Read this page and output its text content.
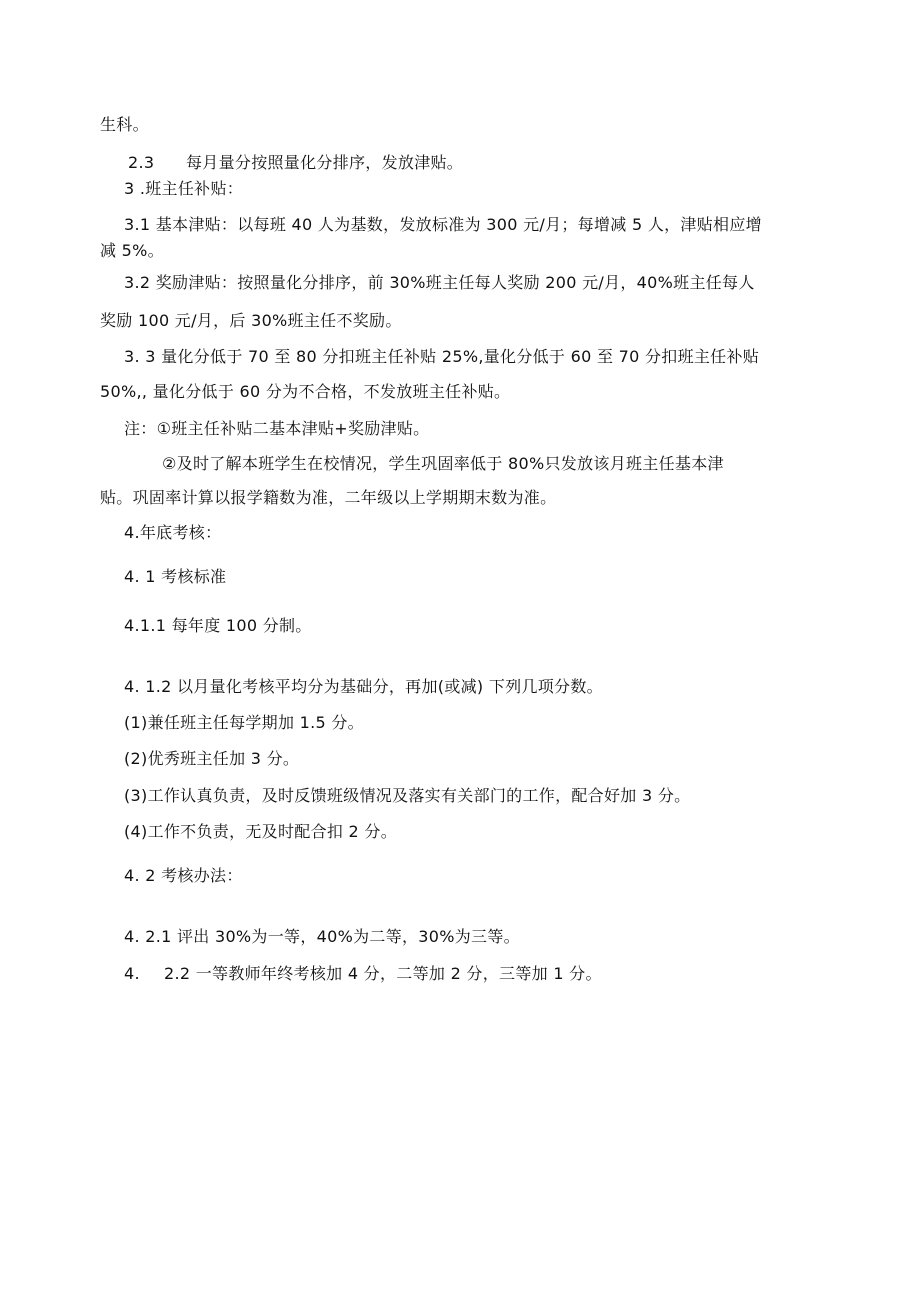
生科。
2.3 每月量分按照量化分排序，发放津贴。
3 .班主任补贴：
3.1 基本津贴：以每班 40 人为基数，发放标准为 300 元/月；每增减 5 人，津贴相应增
减 5%。
3.2 奖励津贴：按照量化分排序，前 30%班主任每人奖励 200 元/月，40%班主任每人
奖励 100 元/月，后 30%班主任不奖励。
3. 3 量化分低于 70 至 80 分扣班主任补贴 25%,量化分低于 60 至 70 分扣班主任补贴
50%,, 量化分低于 60 分为不合格，不发放班主任补贴。
注：①班主任补贴二基本津贴+奖励津贴。
②及时了解本班学生在校情况，学生巩固率低于 80%只发放该月班主任基本津
贴。巩固率计算以报学籍数为准，二年级以上学期期末数为准。
4.年底考核：
4. 1 考核标准
4.1.1 每年度 100 分制。
4. 1.2 以月量化考核平均分为基础分，再加(或减) 下列几项分数。
(1)兼任班主任每学期加 1.5 分。
(2)优秀班主任加 3 分。
(3)工作认真负责，及时反馈班级情况及落实有关部门的工作，配合好加 3 分。
(4)工作不负责，无及时配合扣 2 分。
4. 2 考核办法：
4. 2.1 评出 30%为一等，40%为二等，30%为三等。
4. 2.2 一等教师年终考核加 4 分，二等加 2 分，三等加 1 分。
